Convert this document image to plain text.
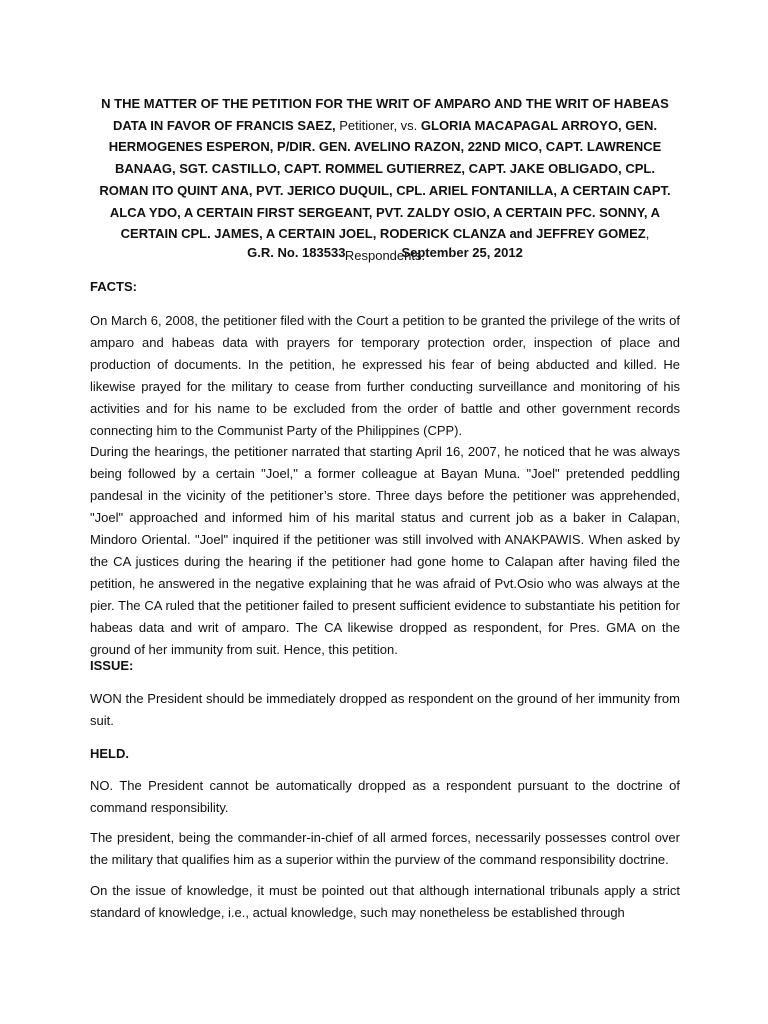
N THE MATTER OF THE PETITION FOR THE WRIT OF AMPARO AND THE WRIT OF HABEAS DATA IN FAVOR OF FRANCIS SAEZ, Petitioner, vs. GLORIA MACAPAGAL ARROYO, GEN. HERMOGENES ESPERON, P/DIR. GEN. AVELINO RAZON, 22ND MICO, CAPT. LAWRENCE BANAAG, SGT. CASTILLO, CAPT. ROMMEL GUTIERREZ, CAPT. JAKE OBLIGADO, CPL. ROMAN ITO QUINT ANA, PVT. JERICO DUQUIL, CPL. ARIEL FONTANILLA, A CERTAIN CAPT. ALCA YDO, A CERTAIN FIRST SERGEANT, PVT. ZALDY OSlO, A CERTAIN PFC. SONNY, A CERTAIN CPL. JAMES, A CERTAIN JOEL, RODERICK CLANZA and JEFFREY GOMEZ, Respondents.
G.R. No. 183533	September 25, 2012
FACTS:
On March 6, 2008, the petitioner filed with the Court a petition to be granted the privilege of the writs of amparo and habeas data with prayers for temporary protection order, inspection of place and production of documents. In the petition, he expressed his fear of being abducted and killed. He likewise prayed for the military to cease from further conducting surveillance and monitoring of his activities and for his name to be excluded from the order of battle and other government records connecting him to the Communist Party of the Philippines (CPP).
During the hearings, the petitioner narrated that starting April 16, 2007, he noticed that he was always being followed by a certain "Joel," a former colleague at Bayan Muna. "Joel" pretended peddling pandesal in the vicinity of the petitioner’s store. Three days before the petitioner was apprehended, "Joel" approached and informed him of his marital status and current job as a baker in Calapan, Mindoro Oriental. "Joel" inquired if the petitioner was still involved with ANAKPAWIS. When asked by the CA justices during the hearing if the petitioner had gone home to Calapan after having filed the petition, he answered in the negative explaining that he was afraid of Pvt.Osio who was always at the pier. The CA ruled that the petitioner failed to present sufficient evidence to substantiate his petition for habeas data and writ of amparo. The CA likewise dropped as respondent, for Pres. GMA on the ground of her immunity from suit. Hence, this petition.
ISSUE:
WON the President should be immediately dropped as respondent on the ground of her immunity from suit.
HELD.
NO. The President cannot be automatically dropped as a respondent pursuant to the doctrine of command responsibility.
The president, being the commander-in-chief of all armed forces, necessarily possesses control over the military that qualifies him as a superior within the purview of the command responsibility doctrine.
On the issue of knowledge, it must be pointed out that although international tribunals apply a strict standard of knowledge, i.e., actual knowledge, such may nonetheless be established through
